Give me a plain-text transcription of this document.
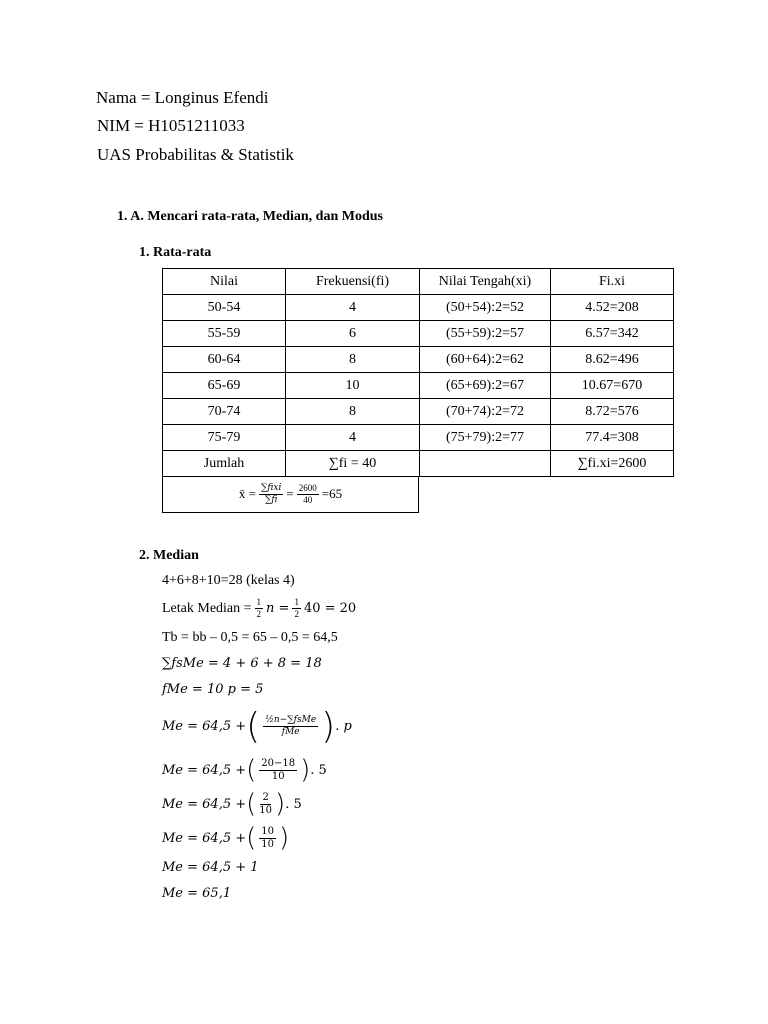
Nama = Longinus Efendi
NIM = H1051211033
UAS Probabilitas & Statistik
1. A. Mencari rata-rata, Median, dan Modus
1. Rata-rata
Nilai	Frekuensi(fi)	Nilai Tengah(xi)	Fi.xi
50-54	4	(50+54):2=52	4.52=208
55-59	6	(55+59):2=57	6.57=342
60-64	8	(60+64):2=62	8.62=496
65-69	10	(65+69):2=67	10.67=670
70-74	8	(70+74):2=72	8.72=576
75-79	4	(75+79):2=77	77.4=308
Jumlah	∑fi = 40		∑fi.xi=2600
x̄ = $\frac{\text{∑fixi}}{\sum fi} = \frac{2600}{40} =65$
2. Median
4+6+8+10=28 (kelas 4)
Letak Median = $\frac{1}{2}$ $n = \frac{1}{2} 40 = 20$
Tb = bb – 0,5 = 65 – 0,5 = 64,5
∑fsMe = 4 + 6 + 8 = 18
fMe = 10 p = 5
Me = 64,5 + ( $\frac{\text{½n−∑fsMe}}{\text{fMe}}$ ) . p
Me = 64,5 + ( $\frac{20-18}{10}$ ) . 5
Me = 64,5 + ( $\frac{2}{10}$ ) . 5
Me = 64,5 + ( $\frac{10}{10}$ )
Me = 64,5 + 1
Me = 65,1
